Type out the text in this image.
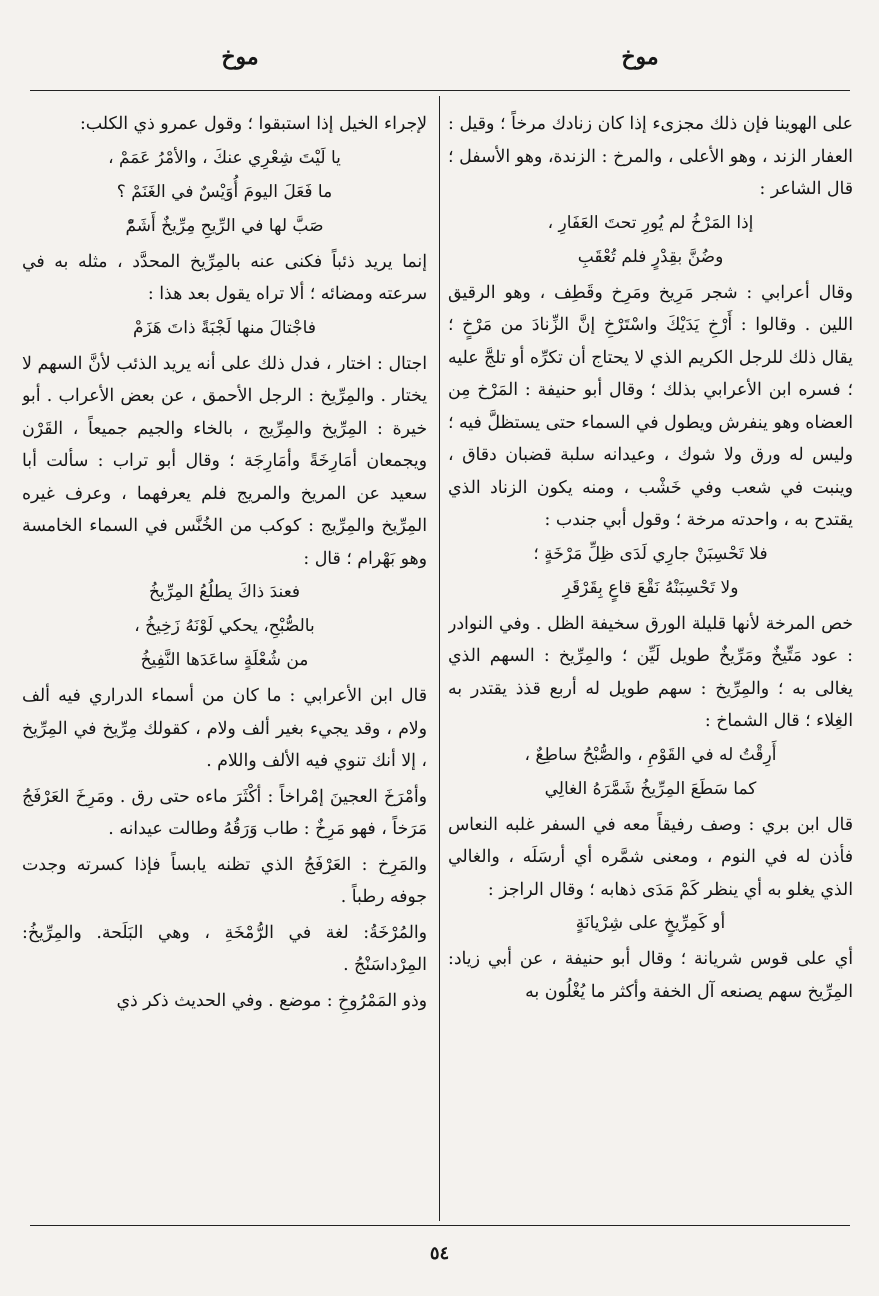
موخ
موخ

على الهوينا فإن ذلك مجزىء إذا كان زنادك مرخاً ؛ وقيل : العفار الزند ، وهو الأعلى ، والمرخ : الزندة، وهو الأسفل ؛ قال الشاعر :

إذا المَرْخُ لم يُورِ تحتَ العَفَارِ ،

وضُنَّ بقِدْرٍ فلم تُعْقَبِ

وقال أعرابي : شجر مَرِيخ ومَرِخ وقَطِف ، وهو الرقيق اللين . وقالوا : أَرْخِ يَدَيْكَ واسْتَرْخِ إنَّ الزِّنادَ من مَرْخٍ ؛ يقال ذلك للرجل الكريم الذي لا يحتاج أن تكرِّه أو تلجَّ عليه ؛ فسره ابن الأعرابي بذلك ؛ وقال أبو حنيفة : المَرْخ مِن العضاه وهو ينفرش ويطول في السماء حتى يستظلَّ فيه ؛ وليس له ورق ولا شوك ، وعيدانه سلبة قضبان دقاق ، وينبت في شعب وفي خَشْب ، ومنه يكون الزناد الذي يقتدح به ، واحدته مرخة ؛ وقول أبي جندب :

فلا تَحْسِبَنْ جارِي لَدَى ظِلِّ مَرْخَةٍ ؛

ولا تَحْسِبَنْهُ نَقْعَ قاعٍ بِقَرْقَرِ

خص المرخة لأنها قليلة الورق سخيفة الظل . وفي النوادر : عود مَتِّيخٌ ومَرِّيخٌ طويل لَيِّن ؛ والمِرِّيخ : السهم الذي يغالى به ؛ والمِرِّيخ : سهم طويل له أربع قذذ يقتدر به الغِلاء ؛ قال الشماخ :

أَرِقْتُ له في القَوْمِ ، والصُّبْحُ ساطِعٌ ،

كما سَطَعَ المِرِّيخُ شَمَّرَهُ الغالِي

قال ابن بري : وصف رفيقاً معه في السفر غلبه النعاس فأذن له في النوم ، ومعنى شمَّره أي أرسَلَه ، والغالي الذي يغلو به أي ينظر كَمْ مَدَى ذهابه ؛ وقال الراجز :

أو كَمِرِّيخٍ على شِرْيانَةٍ

أي على قوس شريانة ؛ وقال أبو حنيفة ، عن أبي زياد: المِرِّيخ سهم يصنعه آل الخفة وأكثر ما يُغْلُون به

لإجراء الخيل إذا استبقوا ؛ وقول عمرو ذي الكلب:

يا لَيْتَ شِعْرِي عنكَ ، والأمْرُ عَمَمْ ،

ما فَعَلَ اليومَ أُوَيْسٌ في الغَنَمْ ؟

صَبَّ لها في الرِّيحِ مِرِّيخٌ أَشَمّْ

إنما يريد ذئباً فكنى عنه بالمِرِّيخ المحدَّد ، مثله به في سرعته ومضائه ؛ ألا تراه يقول بعد هذا :

فاجْتالَ منها لَجْبَةً ذاتَ هَزَمْ

اجتال : اختار ، فدل ذلك على أنه يريد الذئب لأنَّ السهم لا يختار . والمِرِّيخ : الرجل الأحمق ، عن بعض الأعراب . أبو خيرة : المِرِّيخ والمِرِّيج ، بالخاء والجيم جميعاً ، القَرْن ويجمعان أمَارِخَةً وأمَارِجَة ؛ وقال أبو تراب : سألت أبا سعيد عن المريخ والمريج فلم يعرفهما ، وعرف غيره المِرِّيخ والمِرِّيج : كوكب من الخُنَّس في السماء الخامسة وهو بَهْرام ؛ قال :

فعندَ ذاكَ يطلُعُ المِرِّيخُ

بالصُّبْحِ، يحكي لَوْنَهُ زَخِيخُ ،

من شُعْلَةٍ ساعَدَها النَّفِيخُ

قال ابن الأعرابي : ما كان من أسماء الدراري فيه ألف ولام ، وقد يجيء بغير ألف ولام ، كقولك مِرِّيخ في المِرِّيخ ، إلا أنك تنوي فيه الألف واللام .

وأمْرَخَ العجينَ إمْراخاً : أكْثَرَ ماءه حتى رق . ومَرِخَ العَرْفَجُ مَرَخاً ، فهو مَرِخٌ : طاب وَرَقُهُ وطالت عيدانه .

والمَرِخ : العَرْفَجُ الذي تظنه يابساً فإذا كسرته وجدت جوفه رطباً .

والمُرْخَةُ: لغة في الرُّمْخَةِ ، وهي البَلَحة. والمِرِّيخُ: المِرْداسَنْجُ .

وذو المَمْرُوخِ : موضع . وفي الحديث ذكر ذي

٥٤
